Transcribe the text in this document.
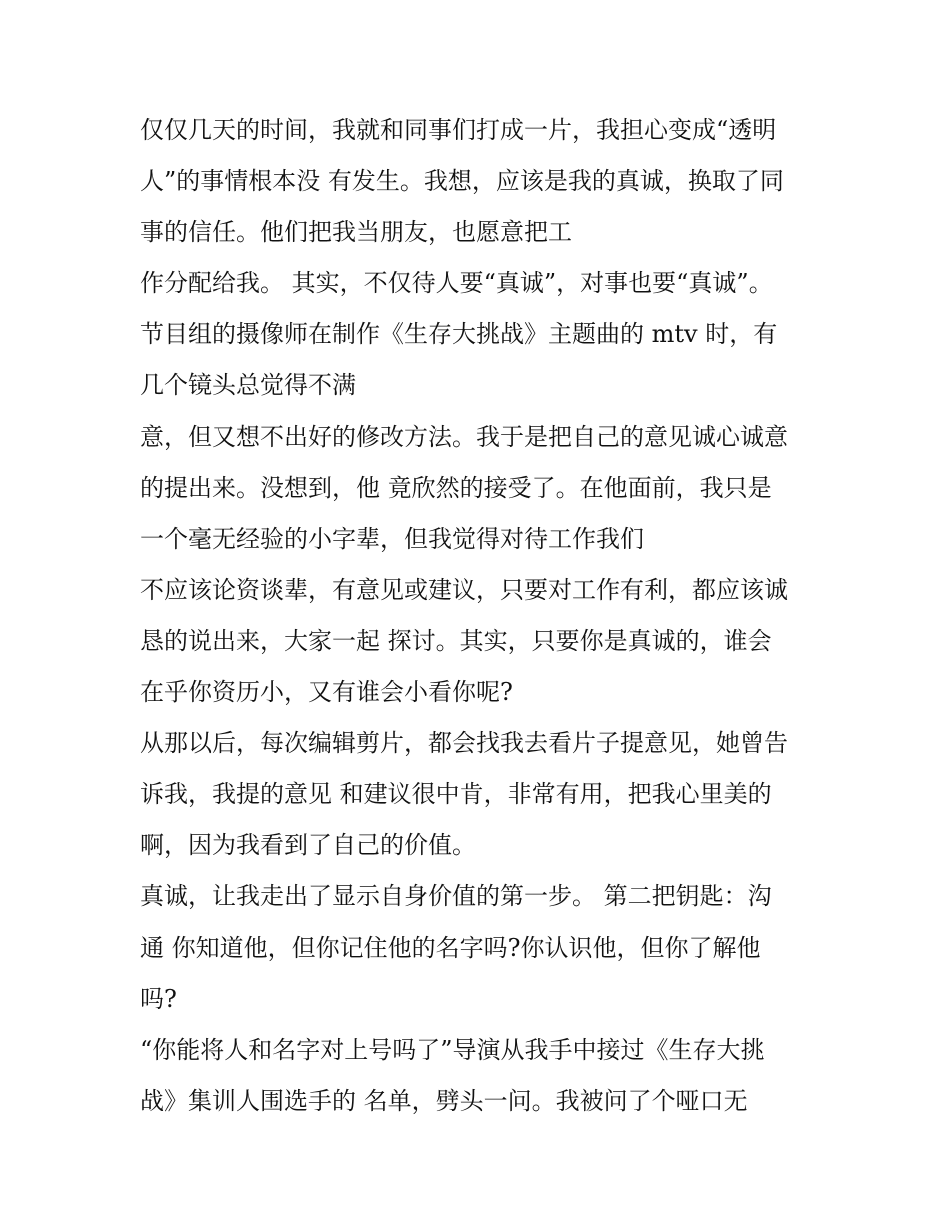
仅仅几天的时间，我就和同事们打成一片，我担心变成“透明
人”的事情根本没 有发生。我想，应该是我的真诚，换取了同
事的信任。他们把我当朋友，也愿意把工
作分配给我。 其实，不仅待人要“真诚”，对事也要“真诚”。
节目组的摄像师在制作《生存大挑战》主题曲的 mtv 时，有
几个镜头总觉得不满
意，但又想不出好的修改方法。我于是把自己的意见诚心诚意
的提出来。没想到，他 竟欣然的接受了。在他面前，我只是
一个毫无经验的小字辈，但我觉得对待工作我们
不应该论资谈辈，有意见或建议，只要对工作有利，都应该诚
恳的说出来，大家一起 探讨。其实，只要你是真诚的，谁会
在乎你资历小，又有谁会小看你呢?
从那以后，每次编辑剪片，都会找我去看片子提意见，她曾告
诉我，我提的意见 和建议很中肯，非常有用，把我心里美的
啊，因为我看到了自己的价值。
真诚，让我走出了显示自身价值的第一步。 第二把钥匙：沟
通 你知道他，但你记住他的名字吗?你认识他，但你了解他
吗?
“你能将人和名字对上号吗了”导演从我手中接过《生存大挑
战》集训人围选手的 名单，劈头一问。我被问了个哑口无
